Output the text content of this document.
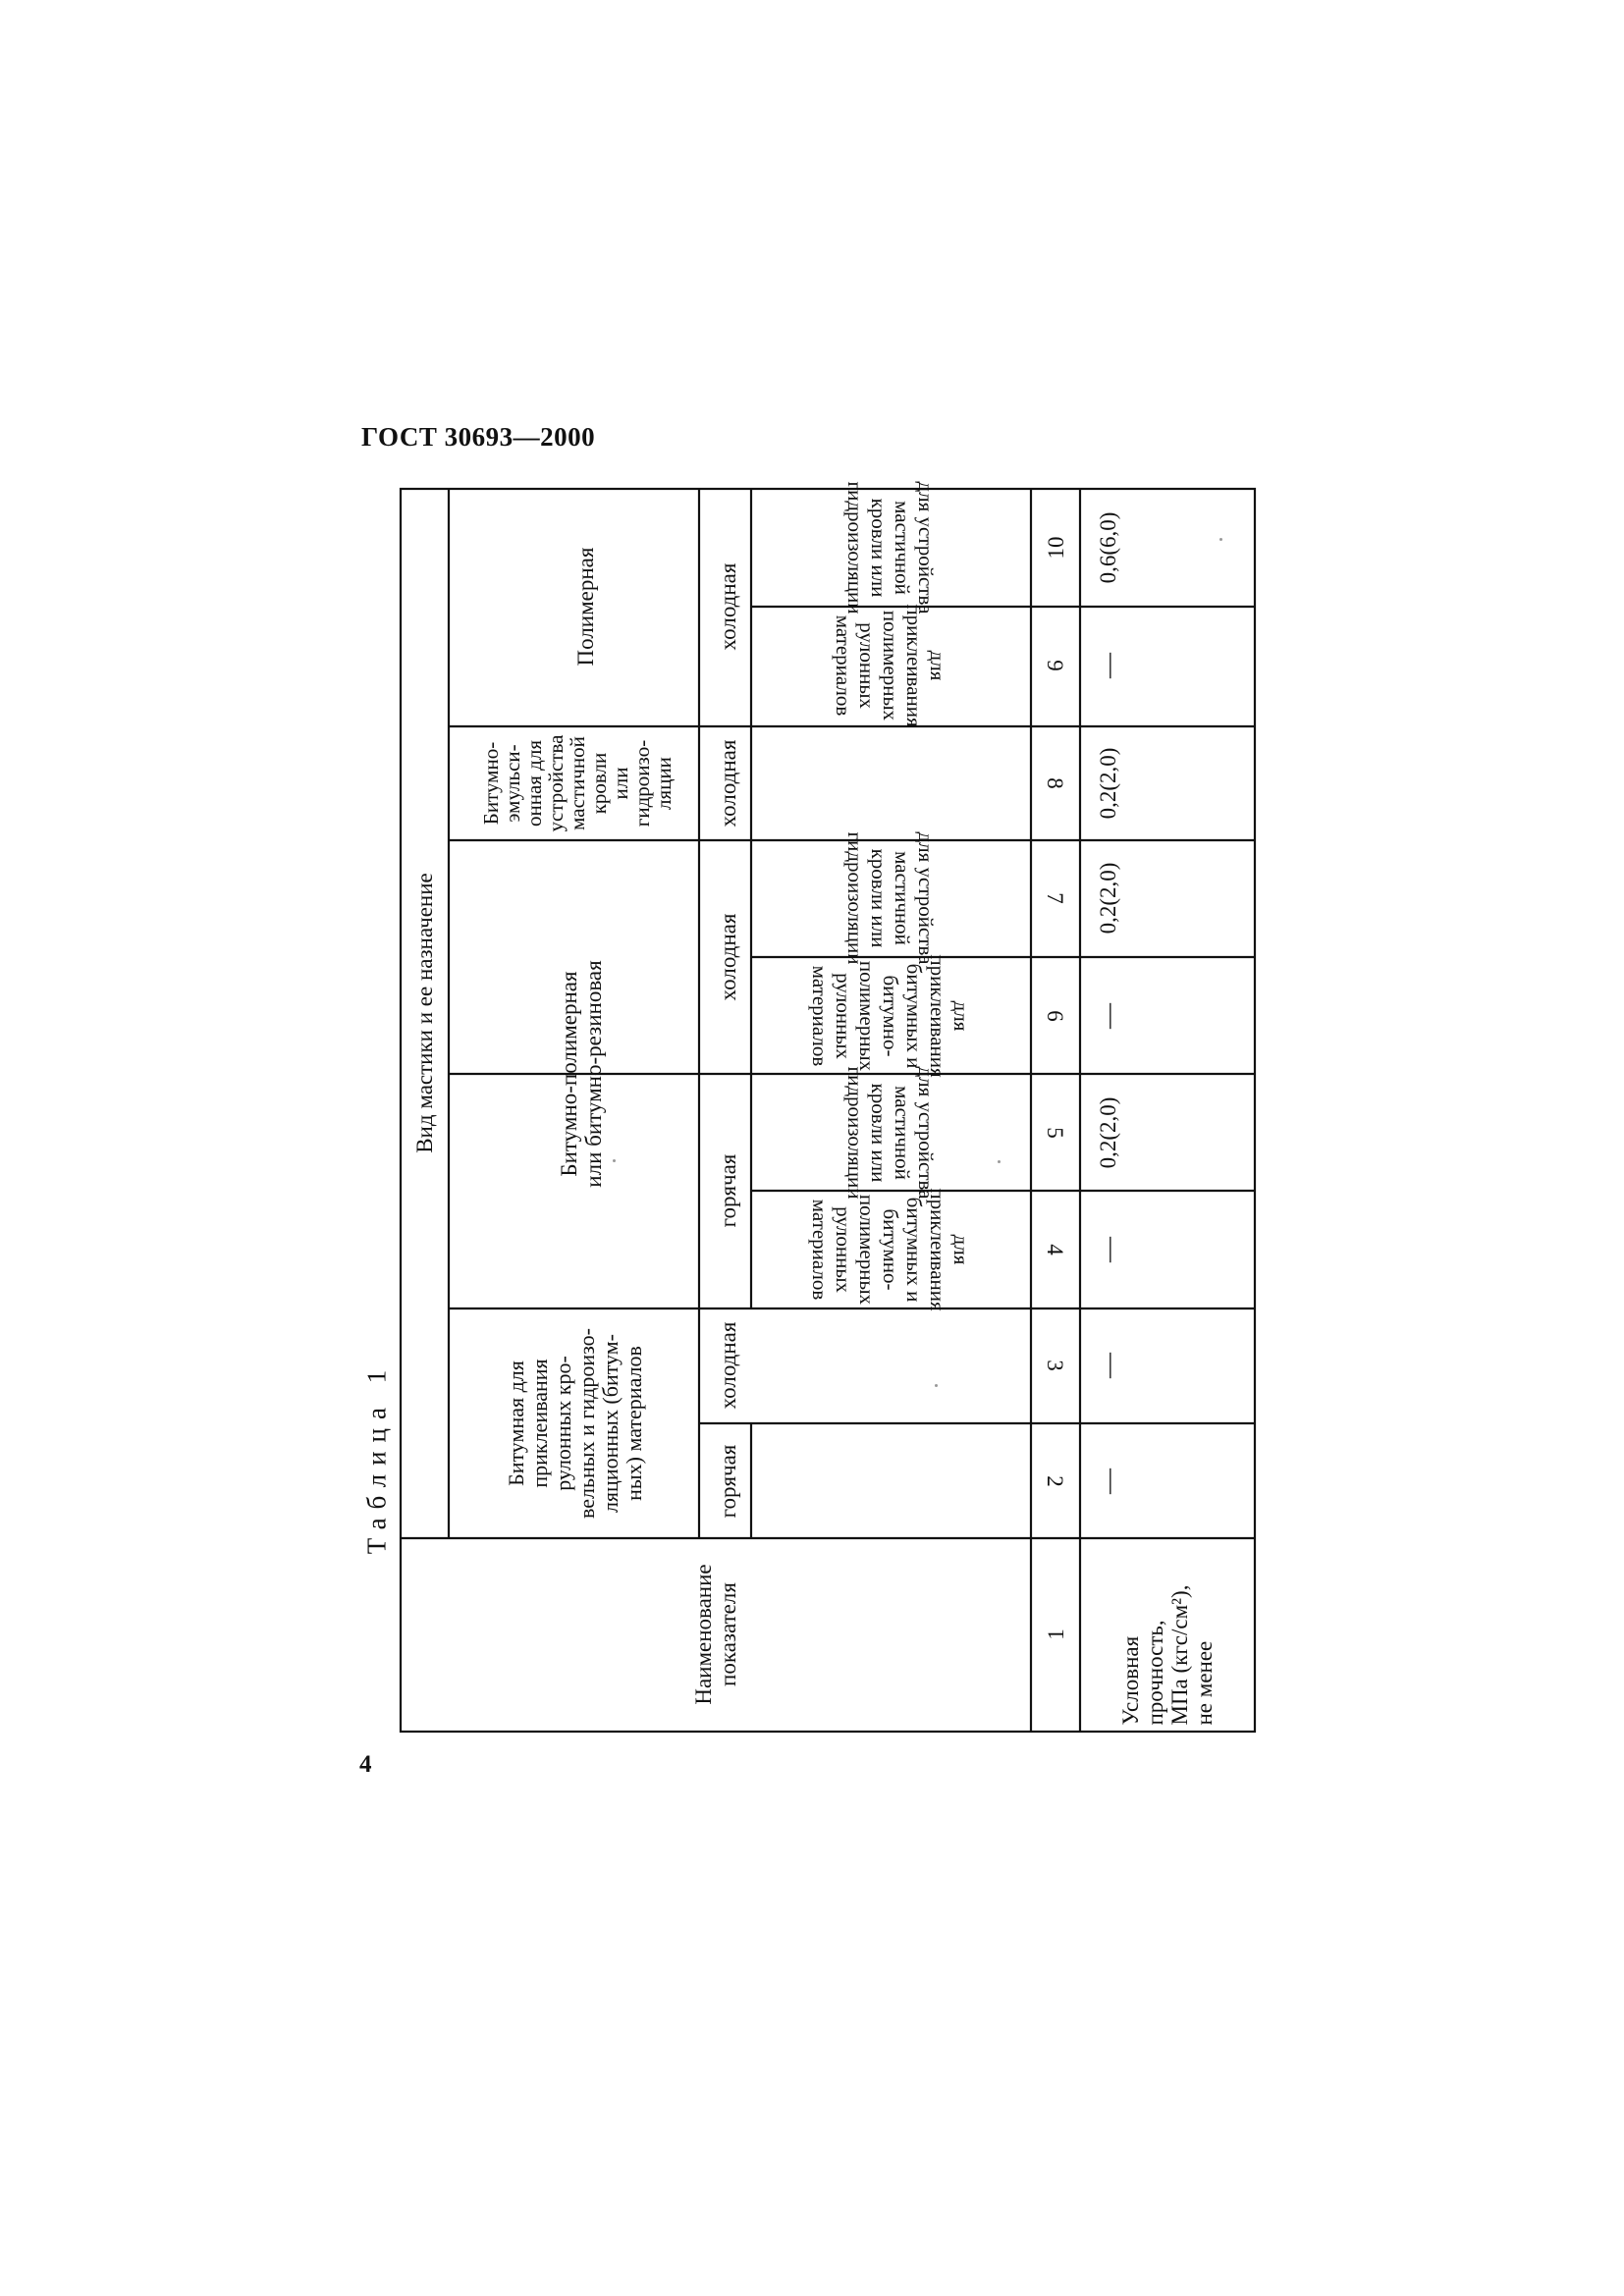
ГОСТ 30693—2000
Таблица 1
Вид мастики и ее назначение
Наименование
показателя
Битумная для
приклеивания
рулонных кро-
вельных и гидроизо-
ляционных (битум-
ных) материалов
Битумно-полимерная
или битумно-резиновая
Битумно-
эмульси-
онная для
устройства
мастичной
кровли
или
гидроизо-
ляции
Полимерная
горячая
холодная
горячая
холодная
холодная
холодная
для приклеивания
битумных и битумно-
полимерных рулонных
материалов
для устройства
мастичной кровли или
гидроизоляции
для приклеивания
битумных и битумно-
полимерных рулонных
материалов
для устройства
мастичной кровли или
гидроизоляции
для приклеивания
полимерных рулонных
материалов
для устройства
мастичной кровли или
гидроизоляции
1
2
3
4
5
6
7
8
9
10
Условная
прочность,
МПа (кгс/см²),
не менее
—
—
—
0,2(2,0)
—
0,2(2,0)
0,2(2,0)
—
0,6(6,0)
4
